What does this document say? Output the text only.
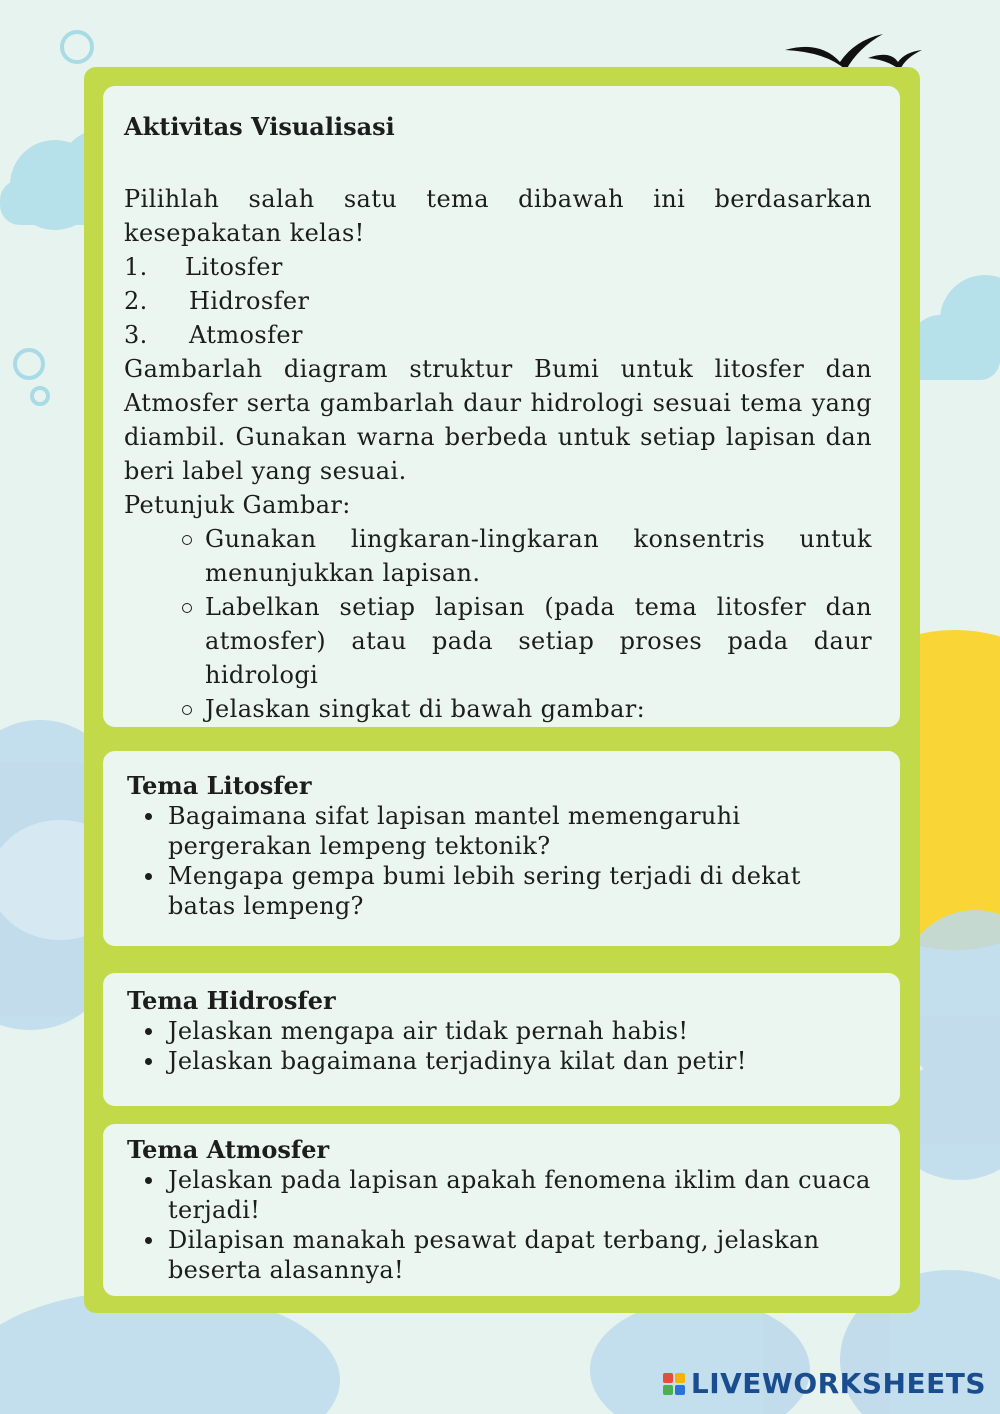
Aktivitas Visualisasi

Pilihlah salah satu tema dibawah ini berdasarkan kesepakatan kelas!

1.	Litosfer
2.	Hidrosfer
3.	Atmosfer

Gambarlah diagram struktur Bumi untuk litosfer dan Atmosfer serta gambarlah daur hidrologi sesuai tema yang diambil. Gunakan warna berbeda untuk setiap lapisan dan beri label yang sesuai.

Petunjuk Gambar:

Gunakan lingkaran-lingkaran konsentris untuk menunjukkan lapisan.
Labelkan setiap lapisan (pada tema litosfer dan atmosfer) atau pada setiap proses pada daur hidrologi
Jelaskan singkat di bawah gambar:

Tema Litosfer

Bagaimana sifat lapisan mantel memengaruhi pergerakan lempeng tektonik?
Mengapa gempa bumi lebih sering terjadi di dekat batas lempeng?

Tema Hidrosfer

Jelaskan mengapa air tidak pernah habis!
Jelaskan bagaimana terjadinya kilat dan petir!

Tema Atmosfer

Jelaskan pada lapisan apakah fenomena iklim dan cuaca terjadi!
Dilapisan manakah pesawat dapat terbang, jelaskan beserta alasannya!
LIVEWORKSHEETS
